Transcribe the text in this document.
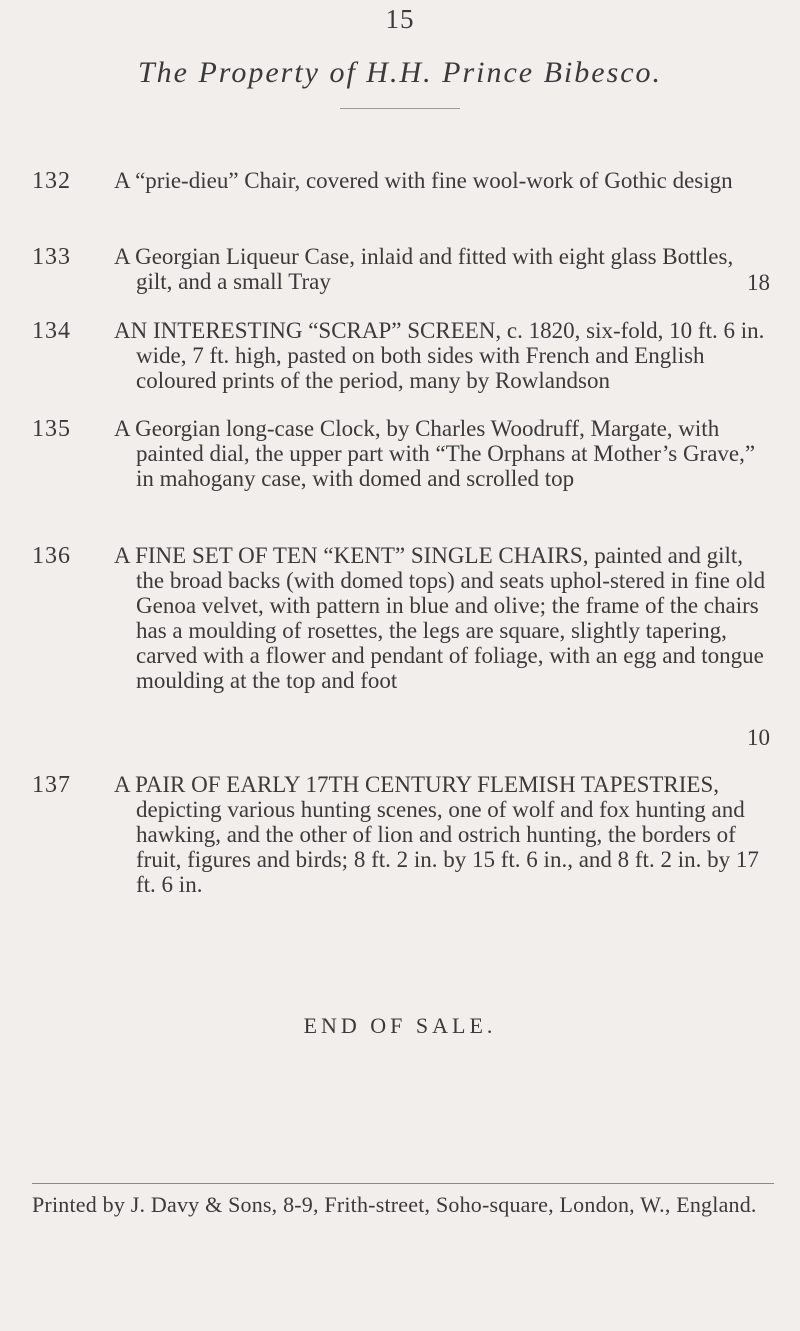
15
The Property of H.H. Prince Bibesco.
132 A “prie-dieu” Chair, covered with fine wool-work of Gothic design
133 A Georgian Liqueur Case, inlaid and fitted with eight glass Bottles, gilt, and a small Tray	18
134 AN INTERESTING “SCRAP” SCREEN, c. 1820, six-fold, 10 ft. 6 in. wide, 7 ft. high, pasted on both sides with French and English coloured prints of the period, many by Rowlandson
135 A Georgian long-case Clock, by Charles Woodruff, Margate, with painted dial, the upper part with “The Orphans at Mother’s Grave,” in mahogany case, with domed and scrolled top
136 A FINE SET OF TEN “KENT” SINGLE CHAIRS, painted and gilt, the broad backs (with domed tops) and seats uphol-stered in fine old Genoa velvet, with pattern in blue and olive; the frame of the chairs has a moulding of rosettes, the legs are square, slightly tapering, carved with a flower and pendant of foliage, with an egg and tongue moulding at the top and foot
10
137 A PAIR OF EARLY 17TH CENTURY FLEMISH TAPESTRIES, depicting various hunting scenes, one of wolf and fox hunting and hawking, and the other of lion and ostrich hunting, the borders of fruit, figures and birds; 8 ft. 2 in. by 15 ft. 6 in., and 8 ft. 2 in. by 17 ft. 6 in.
END OF SALE.
Printed by J. Davy & Sons, 8-9, Frith-street, Soho-square, London, W., England.
